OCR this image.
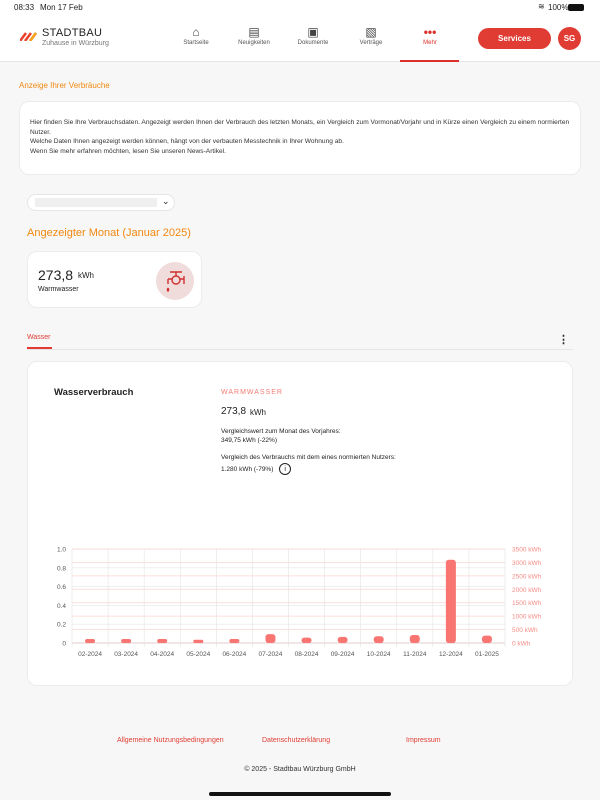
08:33 Mon 17 Feb	≋ 100%
STADTBAU
Zuhause in Würzburg
⌂
Startseite
▤
Neuigkeiten
▣
Dokumente
▧
Verträge
•••
Mehr	Services	SG
Anzeige Ihrer Verbräuche
Hier finden Sie Ihre Verbrauchsdaten. Angezeigt werden Ihnen der Verbrauch des letzten Monats, ein Vergleich zum Vormonat/Vorjahr und in Kürze einen Vergleich zu einem normierten Nutzer.
Welche Daten Ihnen angezeigt werden können, hängt von der verbauten Messtechnik in Ihrer Wohnung ab.
Wenn Sie mehr erfahren möchten, lesen Sie unseren News-Artikel.
⌄
Angezeigter Monat (Januar 2025)
273,8 kWh
Warmwasser
Wasser	⋮
Wasserverbrauch	WARMWASSER
273,8 kWh
Vergleichswert zum Monat des Vorjahres:
349,75 kWh (-22%)
Vergleich des Verbrauchs mit dem eines normierten Nutzers:
1.280 kWh (-79%) i
0
0.2
0.4
0.6
0.8
1.0
0 kWh
500 kWh
1000 kWh
1500 kWh
2000 kWh
2500 kWh
3000 kWh
3500 kWh
02-2024 03-2024 04-2024 05-2024 06-2024 07-2024 08-2024 09-2024 10-2024 11-2024 12-2024 01-2025
Allgemeine Nutzungsbedingungen	Datenschutzerklärung	Impressum
© 2025 - Stadtbau Würzburg GmbH
